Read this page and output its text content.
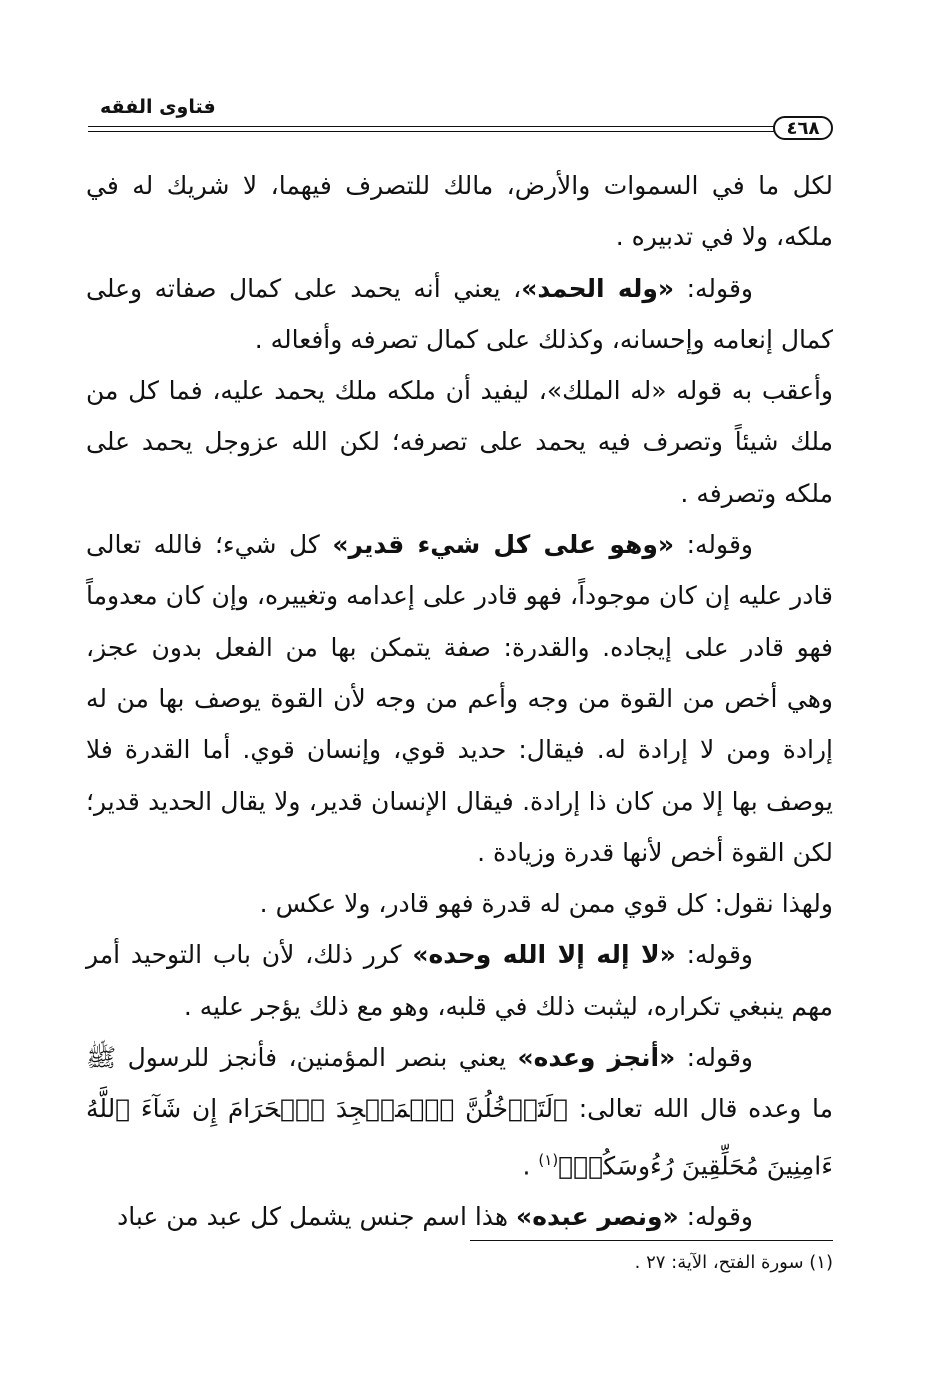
فتاوى الفقه
٤٦٨

لكل ما في السموات والأرض، مالك للتصرف فيهما، لا شريك له في ملكه، ولا في تدبيره .

وقوله: «وله الحمد»، يعني أنه يحمد على كمال صفاته وعلى كمال إنعامه وإحسانه، وكذلك على كمال تصرفه وأفعاله .

وأعقب به قوله «له الملك»، ليفيد أن ملكه ملك يحمد عليه، فما كل من ملك شيئاً وتصرف فيه يحمد على تصرفه؛ لكن الله عزوجل يحمد على ملكه وتصرفه .

وقوله: «وهو على كل شيء قدير» كل شيء؛ فالله تعالى قادر عليه إن كان موجوداً، فهو قادر على إعدامه وتغييره، وإن كان معدوماً فهو قادر على إيجاده. والقدرة: صفة يتمكن بها من الفعل بدون عجز، وهي أخص من القوة من وجه وأعم من وجه لأن القوة يوصف بها من له إرادة ومن لا إرادة له. فيقال: حديد قوي، وإنسان قوي. أما القدرة فلا يوصف بها إلا من كان ذا إرادة. فيقال الإنسان قدير، ولا يقال الحديد قدير؛ لكن القوة أخص لأنها قدرة وزيادة .

ولهذا نقول: كل قوي ممن له قدرة فهو قادر، ولا عكس .

وقوله: «لا إله إلا الله وحده» كرر ذلك، لأن باب التوحيد أمر مهم ينبغي تكراره، ليثبت ذلك في قلبه، وهو مع ذلك يؤجر عليه .

وقوله: «أنجز وعده» يعني بنصر المؤمنين، فأنجز للرسول ﷺ ما وعده قال الله تعالى: ﴿لَتَدۡخُلُنَّ ٱلۡمَسۡجِدَ ٱلۡحَرَامَ إِن شَآءَ ٱللَّهُ ءَامِنِينَ مُحَلِّقِينَ رُءُوسَكُمۡ﴾$^{(١)}$ .

وقوله: «ونصر عبده» هذا اسم جنس يشمل كل عبد من عباد

(١) سورة الفتح، الآية: ٢٧ .
